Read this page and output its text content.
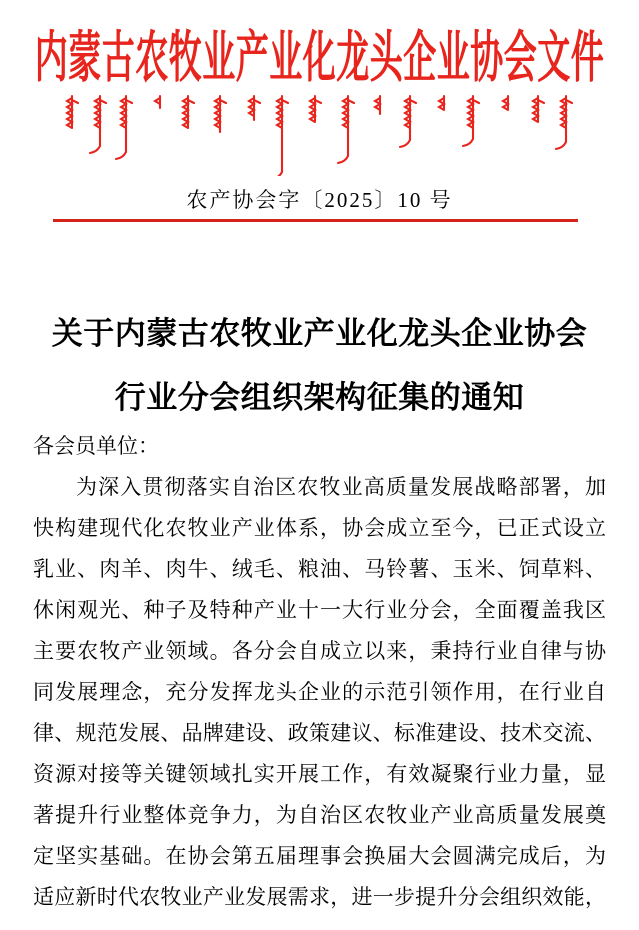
内蒙古农牧业产业化龙头企业协会文件
农产协会字〔2025〕10 号
关于内蒙古农牧业产业化龙头企业协会
行业分会组织架构征集的通知
各会员单位：
为深入贯彻落实自治区农牧业高质量发展战略部署，加
快构建现代化农牧业产业体系，协会成立至今，已正式设立
乳业、肉羊、肉牛、绒毛、粮油、马铃薯、玉米、饲草料、
休闲观光、种子及特种产业十一大行业分会，全面覆盖我区
主要农牧产业领域。各分会自成立以来，秉持行业自律与协
同发展理念，充分发挥龙头企业的示范引领作用，在行业自
律、规范发展、品牌建设、政策建议、标准建设、技术交流、
资源对接等关键领域扎实开展工作，有效凝聚行业力量，显
著提升行业整体竞争力，为自治区农牧业产业高质量发展奠
定坚实基础。在协会第五届理事会换届大会圆满完成后，为
适应新时代农牧业产业发展需求，进一步提升分会组织效能，
